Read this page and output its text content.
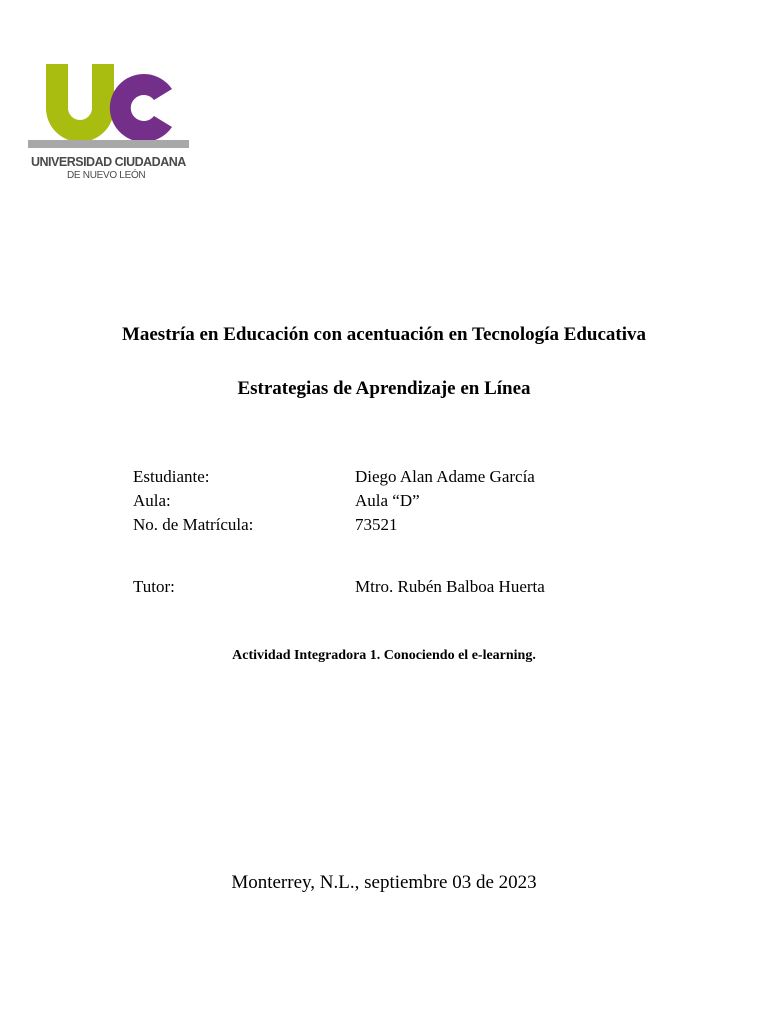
UNIVERSIDAD CIUDADANA
DE NUEVO LEÓN
Maestría en Educación con acentuación en Tecnología Educativa
Estrategias de Aprendizaje en Línea
Estudiante:	Diego Alan Adame García
Aula:	Aula “D”
No. de Matrícula:	73521
Tutor:	Mtro. Rubén Balboa Huerta
Actividad Integradora 1. Conociendo el e-learning.
Monterrey, N.L., septiembre 03 de 2023
